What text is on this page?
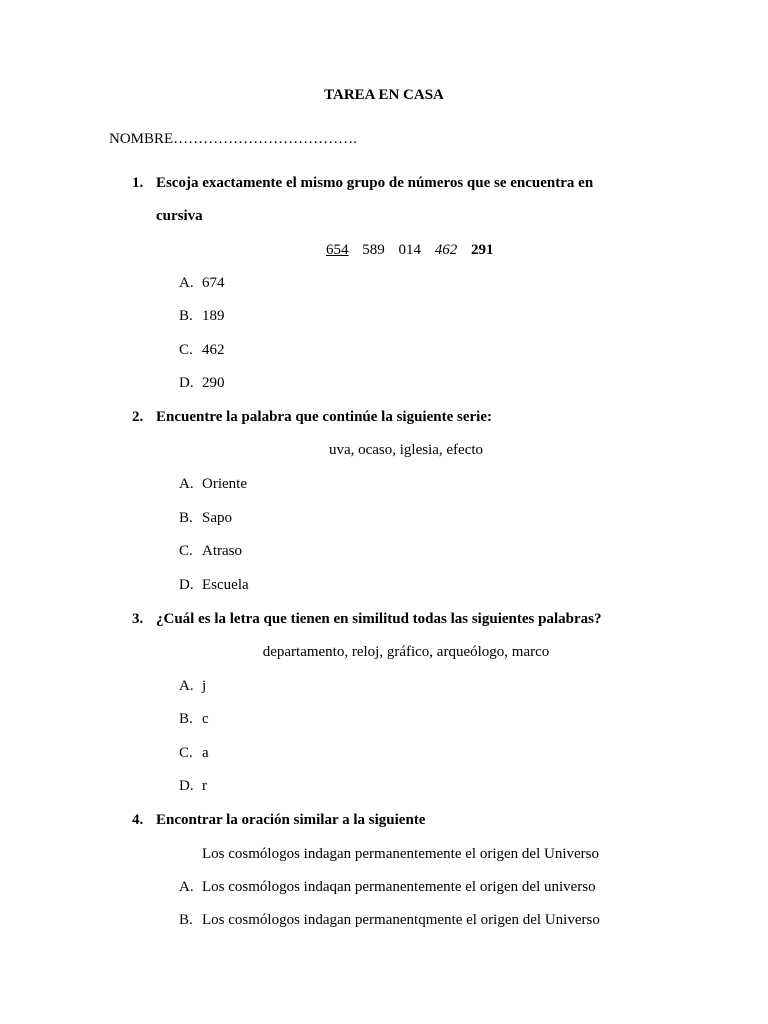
TAREA EN CASA
NOMBRE……………………………….
1. Escoja exactamente el mismo grupo de números que se encuentra en
cursiva
654 589 014 462 291
A. 674
B. 189
C. 462
D. 290
2. Encuentre la palabra que continúe la siguiente serie:
uva, ocaso, iglesia, efecto
A. Oriente
B. Sapo
C. Atraso
D. Escuela
3. ¿Cuál es la letra que tienen en similitud todas las siguientes palabras?
departamento, reloj, gráfico, arqueólogo, marco
A. j
B. c
C. a
D. r
4. Encontrar la oración similar a la siguiente
Los cosmólogos indagan permanentemente el origen del Universo
A. Los cosmólogos indaqan permanentemente el origen del universo
B. Los cosmólogos indagan permanentqmente el origen del Universo
